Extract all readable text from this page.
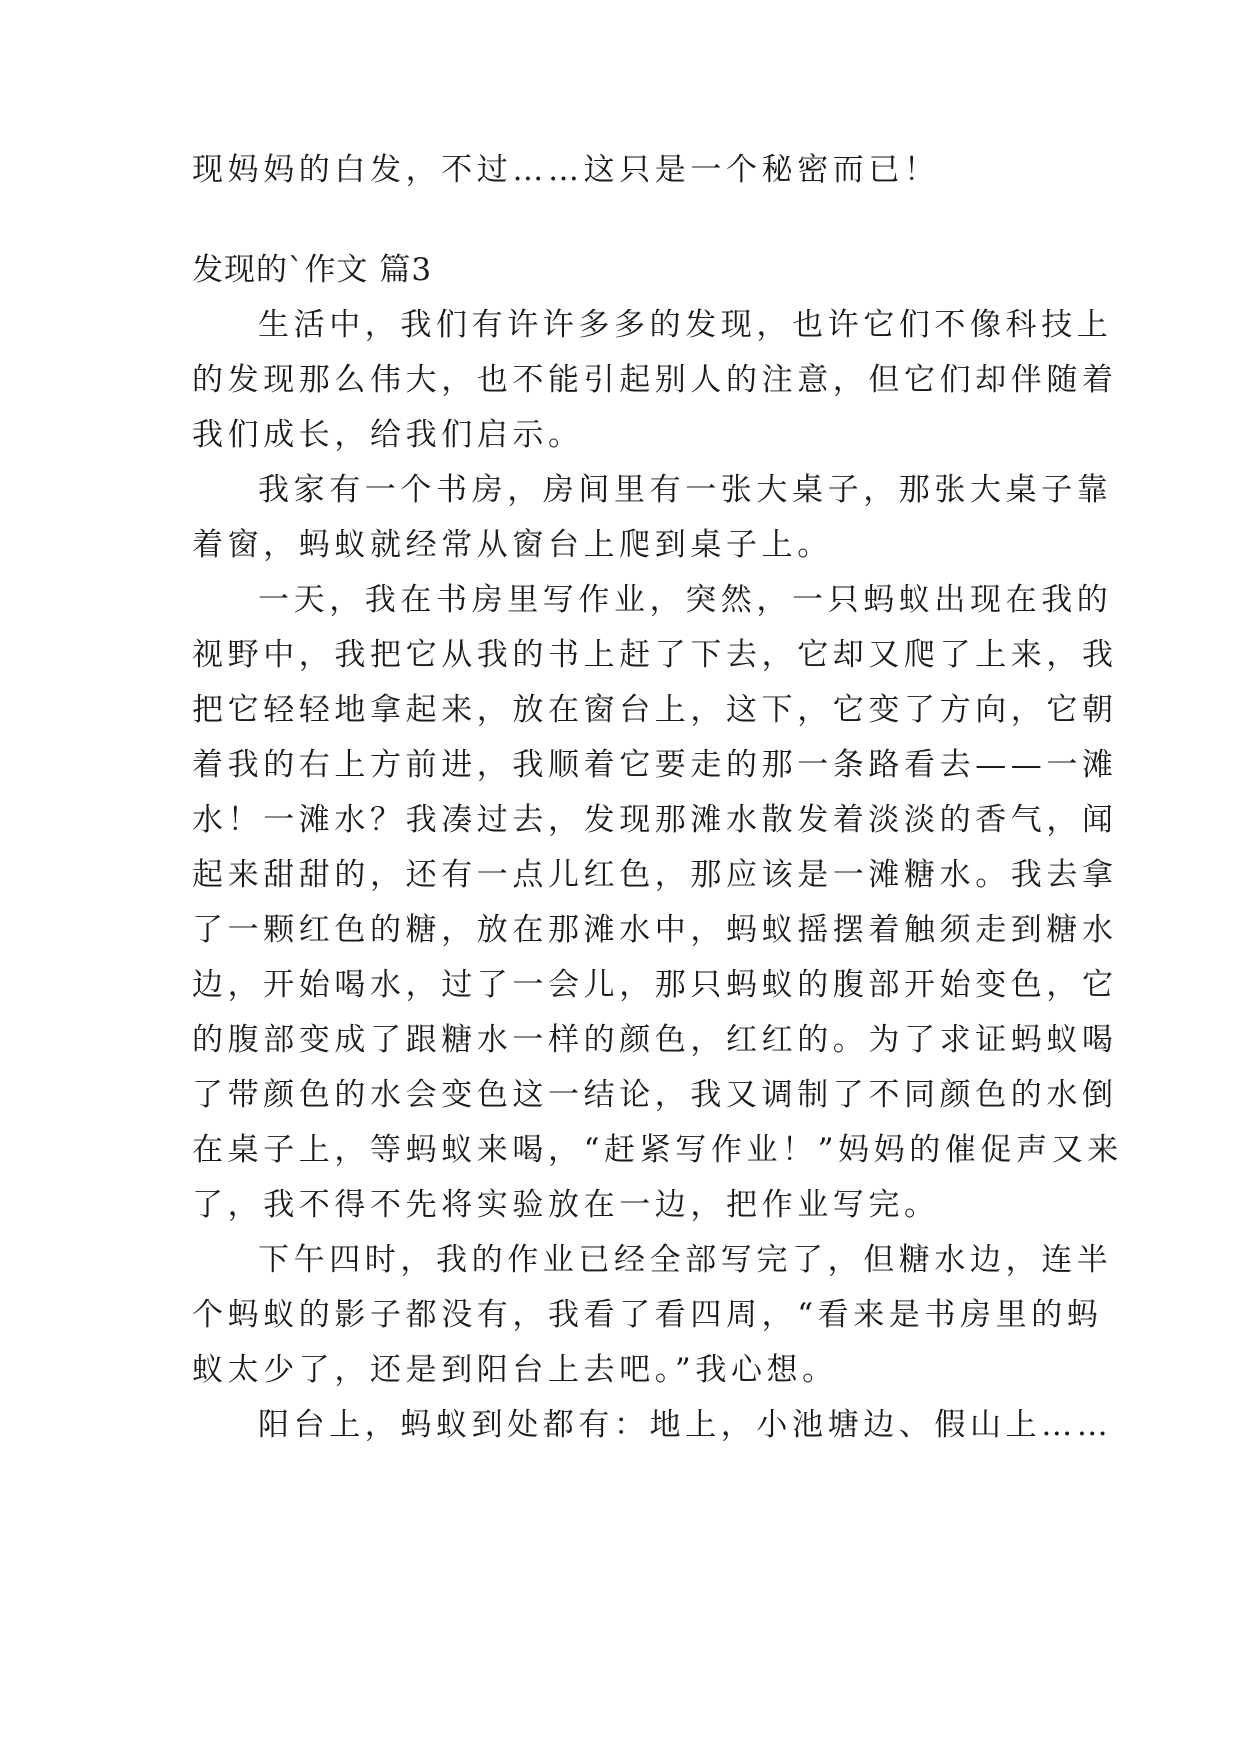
现妈妈的白发，不过……这只是一个秘密而已！
发现的`作文 篇3
生活中，我们有许许多多的发现，也许它们不像科技上
的发现那么伟大，也不能引起别人的注意，但它们却伴随着
我们成长，给我们启示。
我家有一个书房，房间里有一张大桌子，那张大桌子靠
着窗，蚂蚁就经常从窗台上爬到桌子上。
一天，我在书房里写作业，突然，一只蚂蚁出现在我的
视野中，我把它从我的书上赶了下去，它却又爬了上来，我
把它轻轻地拿起来，放在窗台上，这下，它变了方向，它朝
着我的右上方前进，我顺着它要走的那一条路看去——一滩
水！一滩水？我凑过去，发现那滩水散发着淡淡的香气，闻
起来甜甜的，还有一点儿红色，那应该是一滩糖水。我去拿
了一颗红色的糖，放在那滩水中，蚂蚁摇摆着触须走到糖水
边，开始喝水，过了一会儿，那只蚂蚁的腹部开始变色，它
的腹部变成了跟糖水一样的颜色，红红的。为了求证蚂蚁喝
了带颜色的水会变色这一结论，我又调制了不同颜色的水倒
在桌子上，等蚂蚁来喝，“赶紧写作业！”妈妈的催促声又来
了，我不得不先将实验放在一边，把作业写完。
下午四时，我的作业已经全部写完了，但糖水边，连半
个蚂蚁的影子都没有，我看了看四周，“看来是书房里的蚂
蚁太少了，还是到阳台上去吧。”我心想。
阳台上，蚂蚁到处都有：地上，小池塘边、假山上……
